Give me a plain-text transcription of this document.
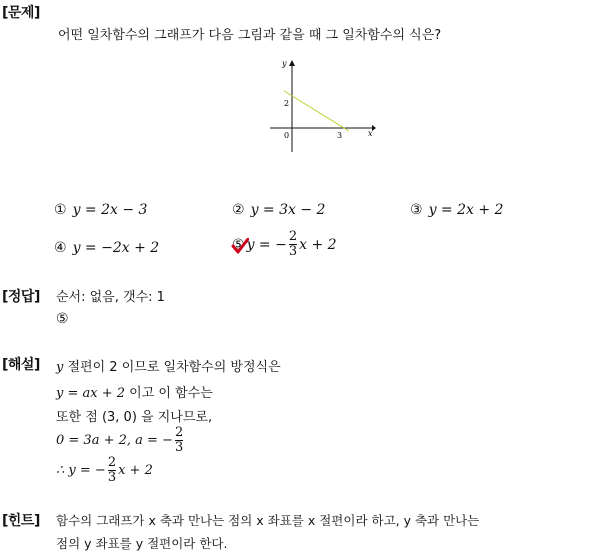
[문제]
어떤 일차함수의 그래프가 다음 그림과 같을 때 그 일차함수의 식은?
y
x
0
2
3
① y = 2x − 3	② y = 3x − 2	③ y = 2x + 2
④ y = −2x + 2	⑤ y = − $\frac{2}{3}$ x + 2
[정답] 순서: 없음, 갯수: 1
⑤
[해설] y 절편이 2 이므로 일차함수의 방정식은
y = ax + 2 이고 이 함수는
또한 점 (3, 0) 을 지나므로,
0 = 3a + 2, a = − $\frac{2}{3}$
∴ y = − $\frac{2}{3}$ x + 2
[힌트] 함수의 그래프가 x 축과 만나는 점의 x 좌표를 x 절편이라 하고, y 축과 만나는
점의 y 좌표를 y 절편이라 한다.
